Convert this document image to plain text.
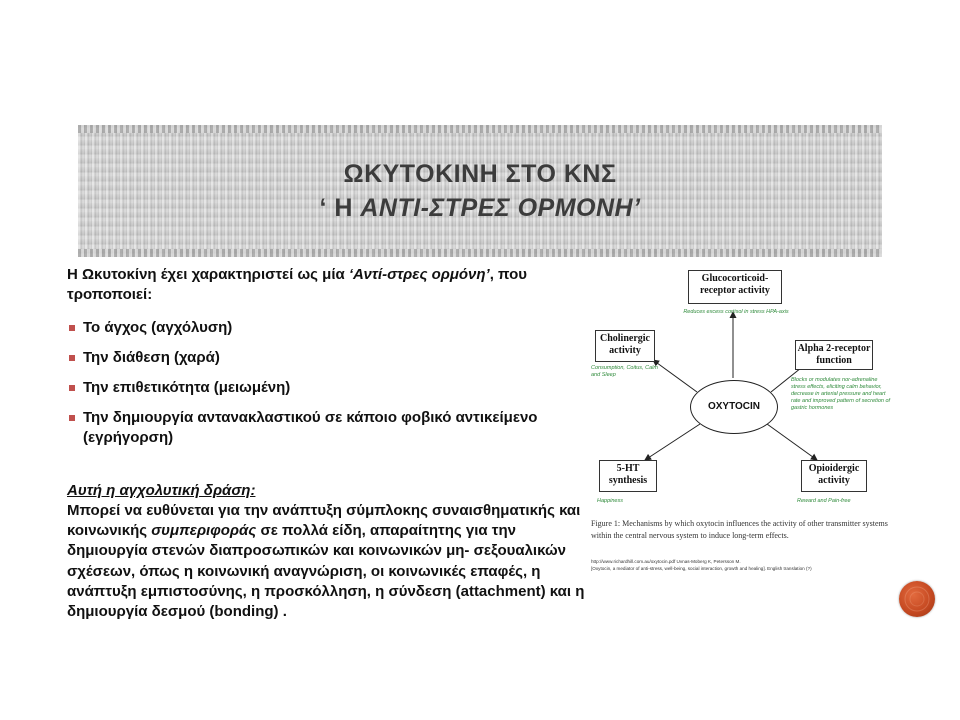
ΩΚΥΤΟΚΙΝΗ ΣΤΟ ΚΝΣ
‘ Η ΑΝΤΙ-ΣΤΡΕΣ ΟΡΜΟΝΗ’

Η Ωκυτοκίνη έχει χαρακτηριστεί ως μία ‘Αντί-στρες ορμόνη’, που τροποποιεί:

Το άγχος (αγχόλυση)
Την διάθεση (χαρά)
Την επιθετικότητα (μειωμένη)
Την δημιουργία αντανακλαστικού σε κάποιο φοβικό αντικείμενο (εγρήγορση)

Αυτή η αγχολυτική δράση:

Μπορεί να ευθύνεται για την ανάπτυξη σύμπλοκης συναισθηματικής και κοινωνικής συμπεριφοράς σε πολλά είδη, απαραίτητης για την δημιουργία στενών διαπροσωπικών και κοινωνικών μη- σεξουαλικών σχέσεων, όπως η κοινωνική αναγνώριση, οι κοινωνικές επαφές, η ανάπτυξη εμπιστοσύνης, η προσκόλληση, η σύνδεση (attachment) και η δημιουργία δεσμού (bonding) .

Glucocorticoid-receptor activity
Reduces excess cortisol in stress HPA-axis
Cholinergic activity
Consumption, Coitus, Calm and Sleep
Alpha 2-receptor function
Blocks or modulates nor-adrenaline stress effects, eliciting calm behavior, decrease in arterial pressure and heart rate and improved pattern of secretion of gastric hormones
OXYTOCIN
5-HT synthesis
Happiness
Opioidergic activity
Reward and Pain-free

Figure 1: Mechanisms by which oxytocin influences the activity of other transmitter systems within the central nervous system to induce long-term effects.

http://www.richardhill.com.au/oxytocin.pdf Uvnas-Moberg K, Petersson M.
[Oxytocin, a mediator of anti-stress, well-being, social interaction, growth and healing]. English translation (?)
